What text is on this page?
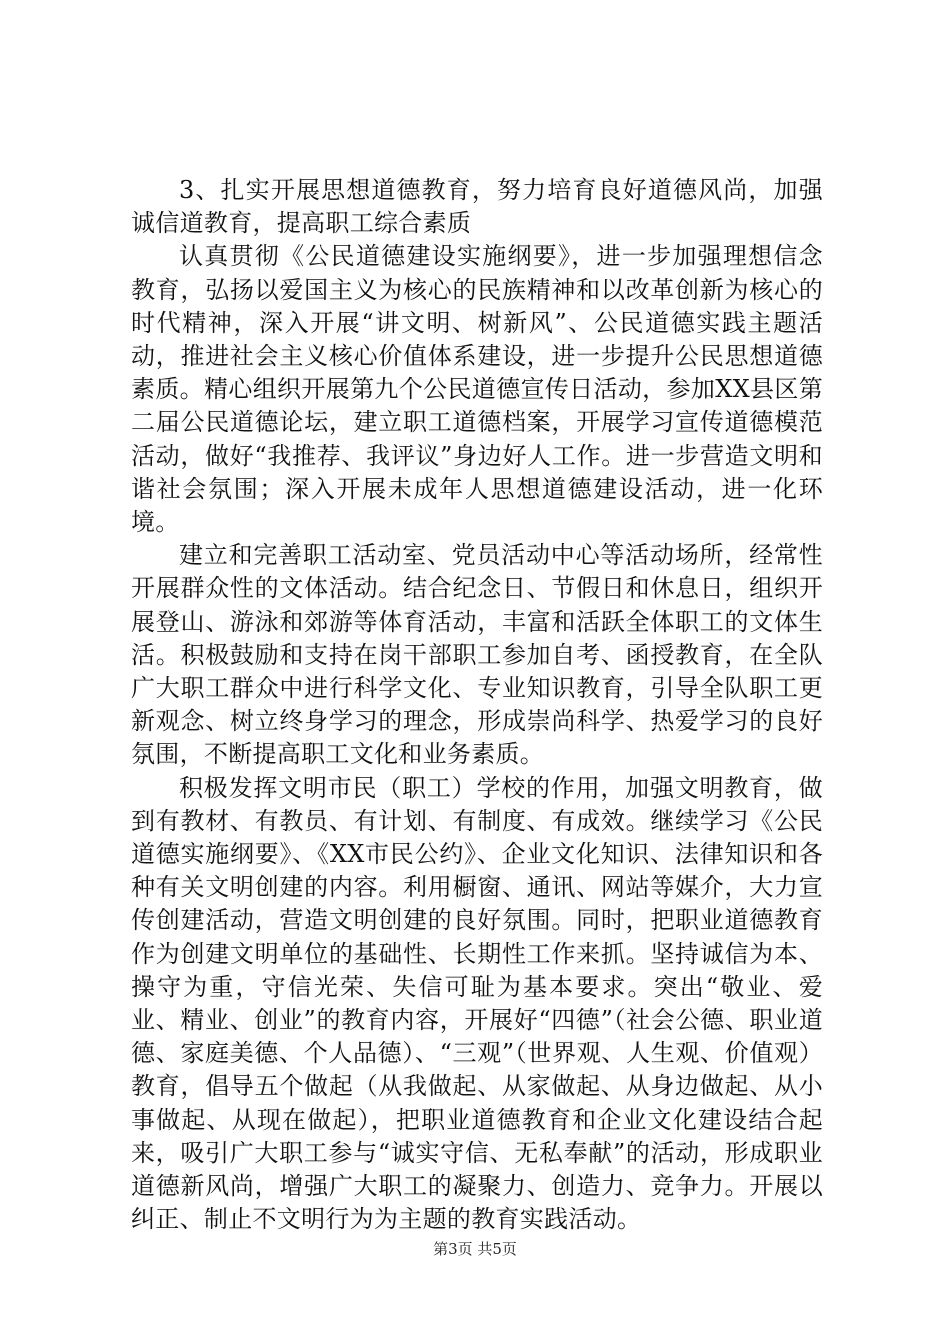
3、扎实开展思想道德教育，努力培育良好道德风尚，加强诚信道教育，提高职工综合素质

认真贯彻《公民道德建设实施纲要》，进一步加强理想信念教育，弘扬以爱国主义为核心的民族精神和以改革创新为核心的时代精神，深入开展“讲文明、树新风”、公民道德实践主题活动，推进社会主义核心价值体系建设，进一步提升公民思想道德素质。精心组织开展第九个公民道德宣传日活动，参加XX县区第二届公民道德论坛，建立职工道德档案，开展学习宣传道德模范活动，做好“我推荐、我评议”身边好人工作。进一步营造文明和谐社会氛围；深入开展未成年人思想道德建设活动，进一化环境。

建立和完善职工活动室、党员活动中心等活动场所，经常性开展群众性的文体活动。结合纪念日、节假日和休息日，组织开展登山、游泳和郊游等体育活动，丰富和活跃全体职工的文体生活。积极鼓励和支持在岗干部职工参加自考、函授教育，在全队广大职工群众中进行科学文化、专业知识教育，引导全队职工更新观念、树立终身学习的理念，形成崇尚科学、热爱学习的良好氛围，不断提高职工文化和业务素质。

积极发挥文明市民（职工）学校的作用，加强文明教育，做到有教材、有教员、有计划、有制度、有成效。继续学习《公民道德实施纲要》、《XX市民公约》、企业文化知识、法律知识和各种有关文明创建的内容。利用橱窗、通讯、网站等媒介，大力宣传创建活动，营造文明创建的良好氛围。同时，把职业道德教育作为创建文明单位的基础性、长期性工作来抓。坚持诚信为本、操守为重，守信光荣、失信可耻为基本要求。突出“敬业、爱业、精业、创业”的教育内容，开展好“四德”（社会公德、职业道德、家庭美德、个人品德）、“三观”（世界观、人生观、价值观）教育，倡导五个做起（从我做起、从家做起、从身边做起、从小事做起、从现在做起），把职业道德教育和企业文化建设结合起来，吸引广大职工参与“诚实守信、无私奉献”的活动，形成职业道德新风尚，增强广大职工的凝聚力、创造力、竞争力。开展以纠正、制止不文明行为为主题的教育实践活动。

第3页 共5页
